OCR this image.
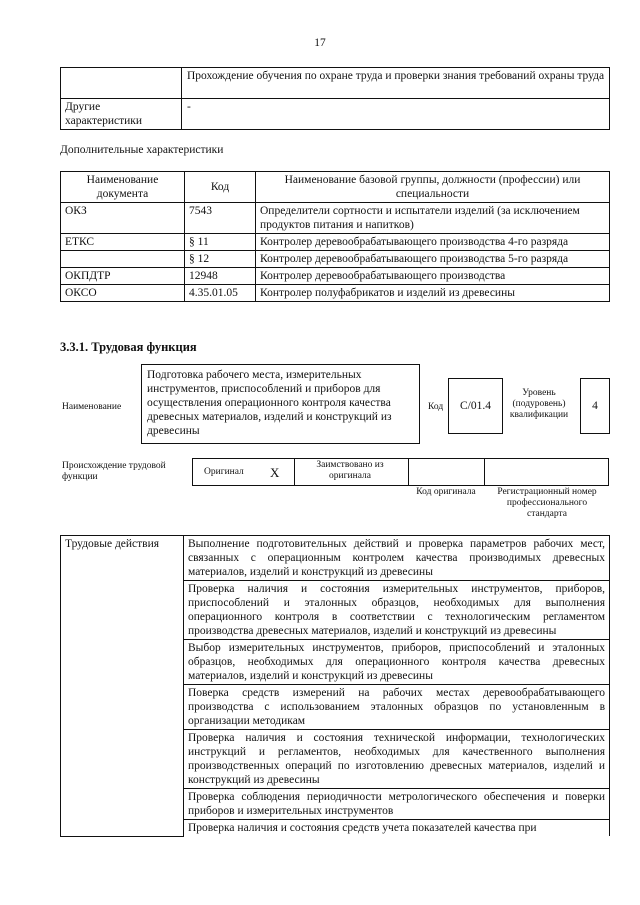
17
	Прохождение обучения по охране труда и проверки знания требований охраны труда
Другие характеристики	-
Дополнительные характеристики
Наименование документа	Код	Наименование базовой группы, должности (профессии) или специальности
ОКЗ	7543	Определители сортности и испытатели изделий (за исключением продуктов питания и напитков)
ЕТКС	§ 11	Контролер деревообрабатывающего производства 4-го разряда
	§ 12	Контролер деревообрабатывающего производства 5-го разряда
ОКПДТР	12948	Контролер деревообрабатывающего производства
ОКСО	4.35.01.05	Контролер полуфабрикатов и изделий из древесины
3.3.1. Трудовая функция
Наименование
Подготовка рабочего места, измерительных инструментов, приспособлений и приборов для осуществления операционного контроля качества древесных материалов, изделий и конструкций из древесины
Код C/01.4
Уровень (подуровень) квалификации
4
Происхождение трудовой функции	Оригинал X	Заимствовано из оригинала
Код оригинала	Регистрационный номер профессионального стандарта
Трудовые действия	Выполнение подготовительных действий и проверка параметров рабочих мест, связанных с операционным контролем качества производимых древесных материалов, изделий и конструкций из древесины
Проверка наличия и состояния измерительных инструментов, приборов, приспособлений и эталонных образцов, необходимых для выполнения операционного контроля в соответствии с технологическим регламентом производства древесных материалов, изделий и конструкций из древесины
Выбор измерительных инструментов, приборов, приспособлений и эталонных образцов, необходимых для операционного контроля качества древесных материалов, изделий и конструкций из древесины
Поверка средств измерений на рабочих местах деревообрабатывающего производства с использованием эталонных образцов по установленным в организации методикам
Проверка наличия и состояния технической информации, технологических инструкций и регламентов, необходимых для качественного выполнения производственных операций по изготовлению древесных материалов, изделий и конструкций из древесины
Проверка соблюдения периодичности метрологического обеспечения и поверки приборов и измерительных инструментов
Проверка наличия и состояния средств учета показателей качества при
